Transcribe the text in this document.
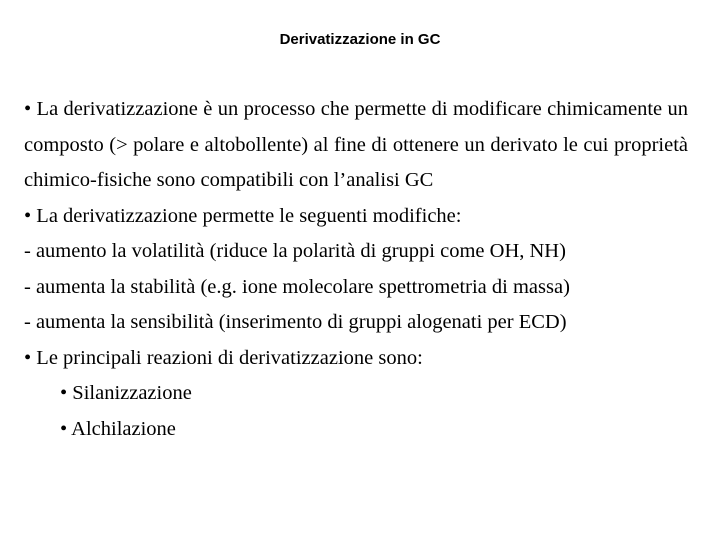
Derivatizzazione in GC

• La derivatizzazione è un processo che permette di modificare chimicamente un composto (> polare e altobollente) al fine di ottenere un derivato le cui proprietà chimico-fisiche sono compatibili con l’analisi GC

• La derivatizzazione permette le seguenti modifiche:

- aumento la volatilità (riduce la polarità di gruppi come OH, NH)

- aumenta la stabilità (e.g. ione molecolare spettrometria di massa)

- aumenta la sensibilità (inserimento di gruppi alogenati per ECD)

• Le principali reazioni di derivatizzazione sono:

• Silanizzazione

• Alchilazione
